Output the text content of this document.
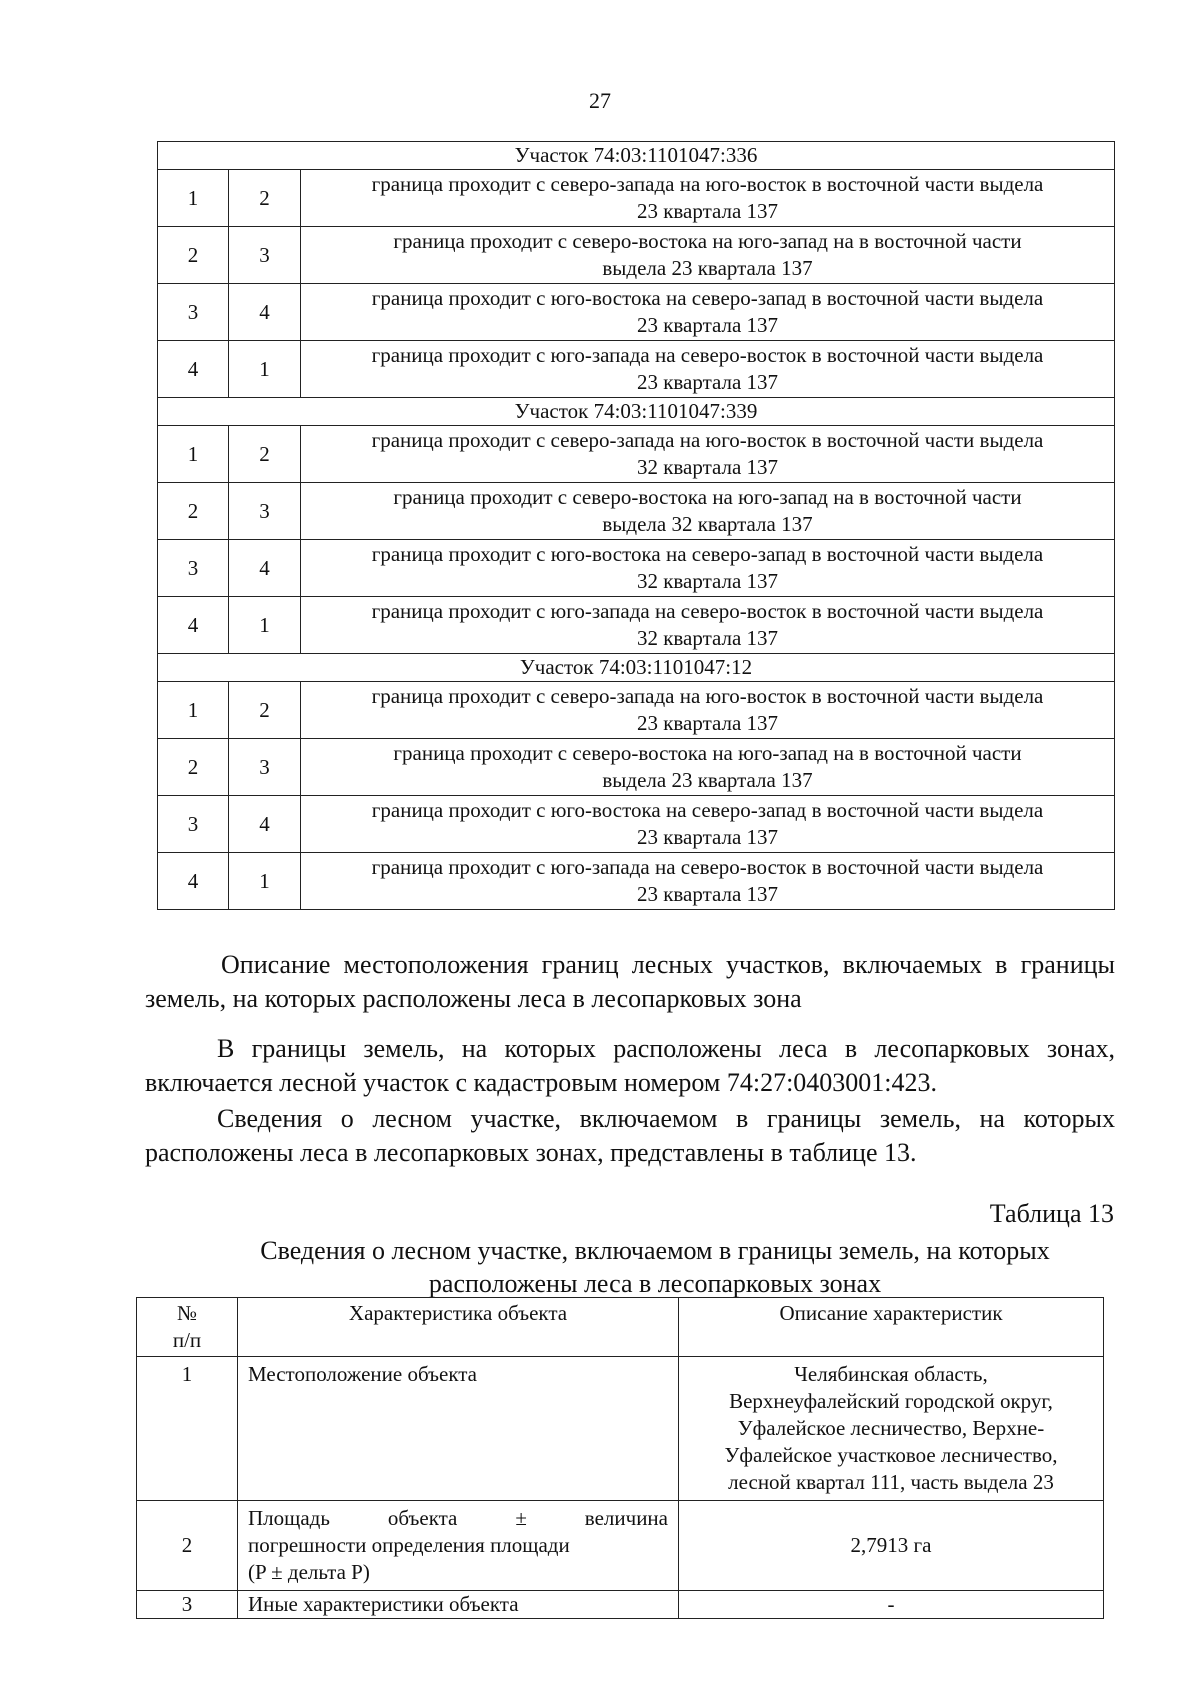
27
Участок 74:03:1101047:336		
1	2	граница проходит с северо-запада на юго-восток в восточной части выдела
23 квартала 137

2	3	граница проходит с северо-востока на юго-запад на в восточной части
выдела 23 квартала 137

3	4	граница проходит с юго-востока на северо-запад в восточной части выдела
23 квартала 137

4	1	граница проходит с юго-запада на северо-восток в восточной части выдела
23 квартала 137

Участок 74:03:1101047:339		
1	2	граница проходит с северо-запада на юго-восток в восточной части выдела
32 квартала 137

2	3	граница проходит с северо-востока на юго-запад на в восточной части
выдела 32 квартала 137

3	4	граница проходит с юго-востока на северо-запад в восточной части выдела
32 квартала 137

4	1	граница проходит с юго-запада на северо-восток в восточной части выдела
32 квартала 137

Участок 74:03:1101047:12		
1	2	граница проходит с северо-запада на юго-восток в восточной части выдела
23 квартала 137

2	3	граница проходит с северо-востока на юго-запад на в восточной части
выдела 23 квартала 137

3	4	граница проходит с юго-востока на северо-запад в восточной части выдела
23 квартала 137

4	1	граница проходит с юго-запада на северо-восток в восточной части выдела
23 квартала 137

Описание местоположения границ лесных участков, включаемых в границы земель, на которых расположены леса в лесопарковых зона

В границы земель, на которых расположены леса в лесопарковых зонах, включается лесной участок с кадастровым номером 74:27:0403001:423.

Сведения о лесном участке, включаемом в границы земель, на которых расположены леса в лесопарковых зонах, представлены в таблице 13.

Таблица 13
Сведения о лесном участке, включаемом в границы земель, на которых
расположены леса в лесопарковых зонах
№
п/п	Характеристика объекта	Описание характеристик
1	Местоположение объекта	Челябинская область,
Верхнеуфалейский городской округ,
Уфалейское лесничество, Верхне-
Уфалейское участковое лесничество,
лесной квартал 111, часть выдела 23
2	Площадь объекта ± величина
погрешности определения площади
(P ± дельта P)	2,7913 га
3	Иные характеристики объекта	-
